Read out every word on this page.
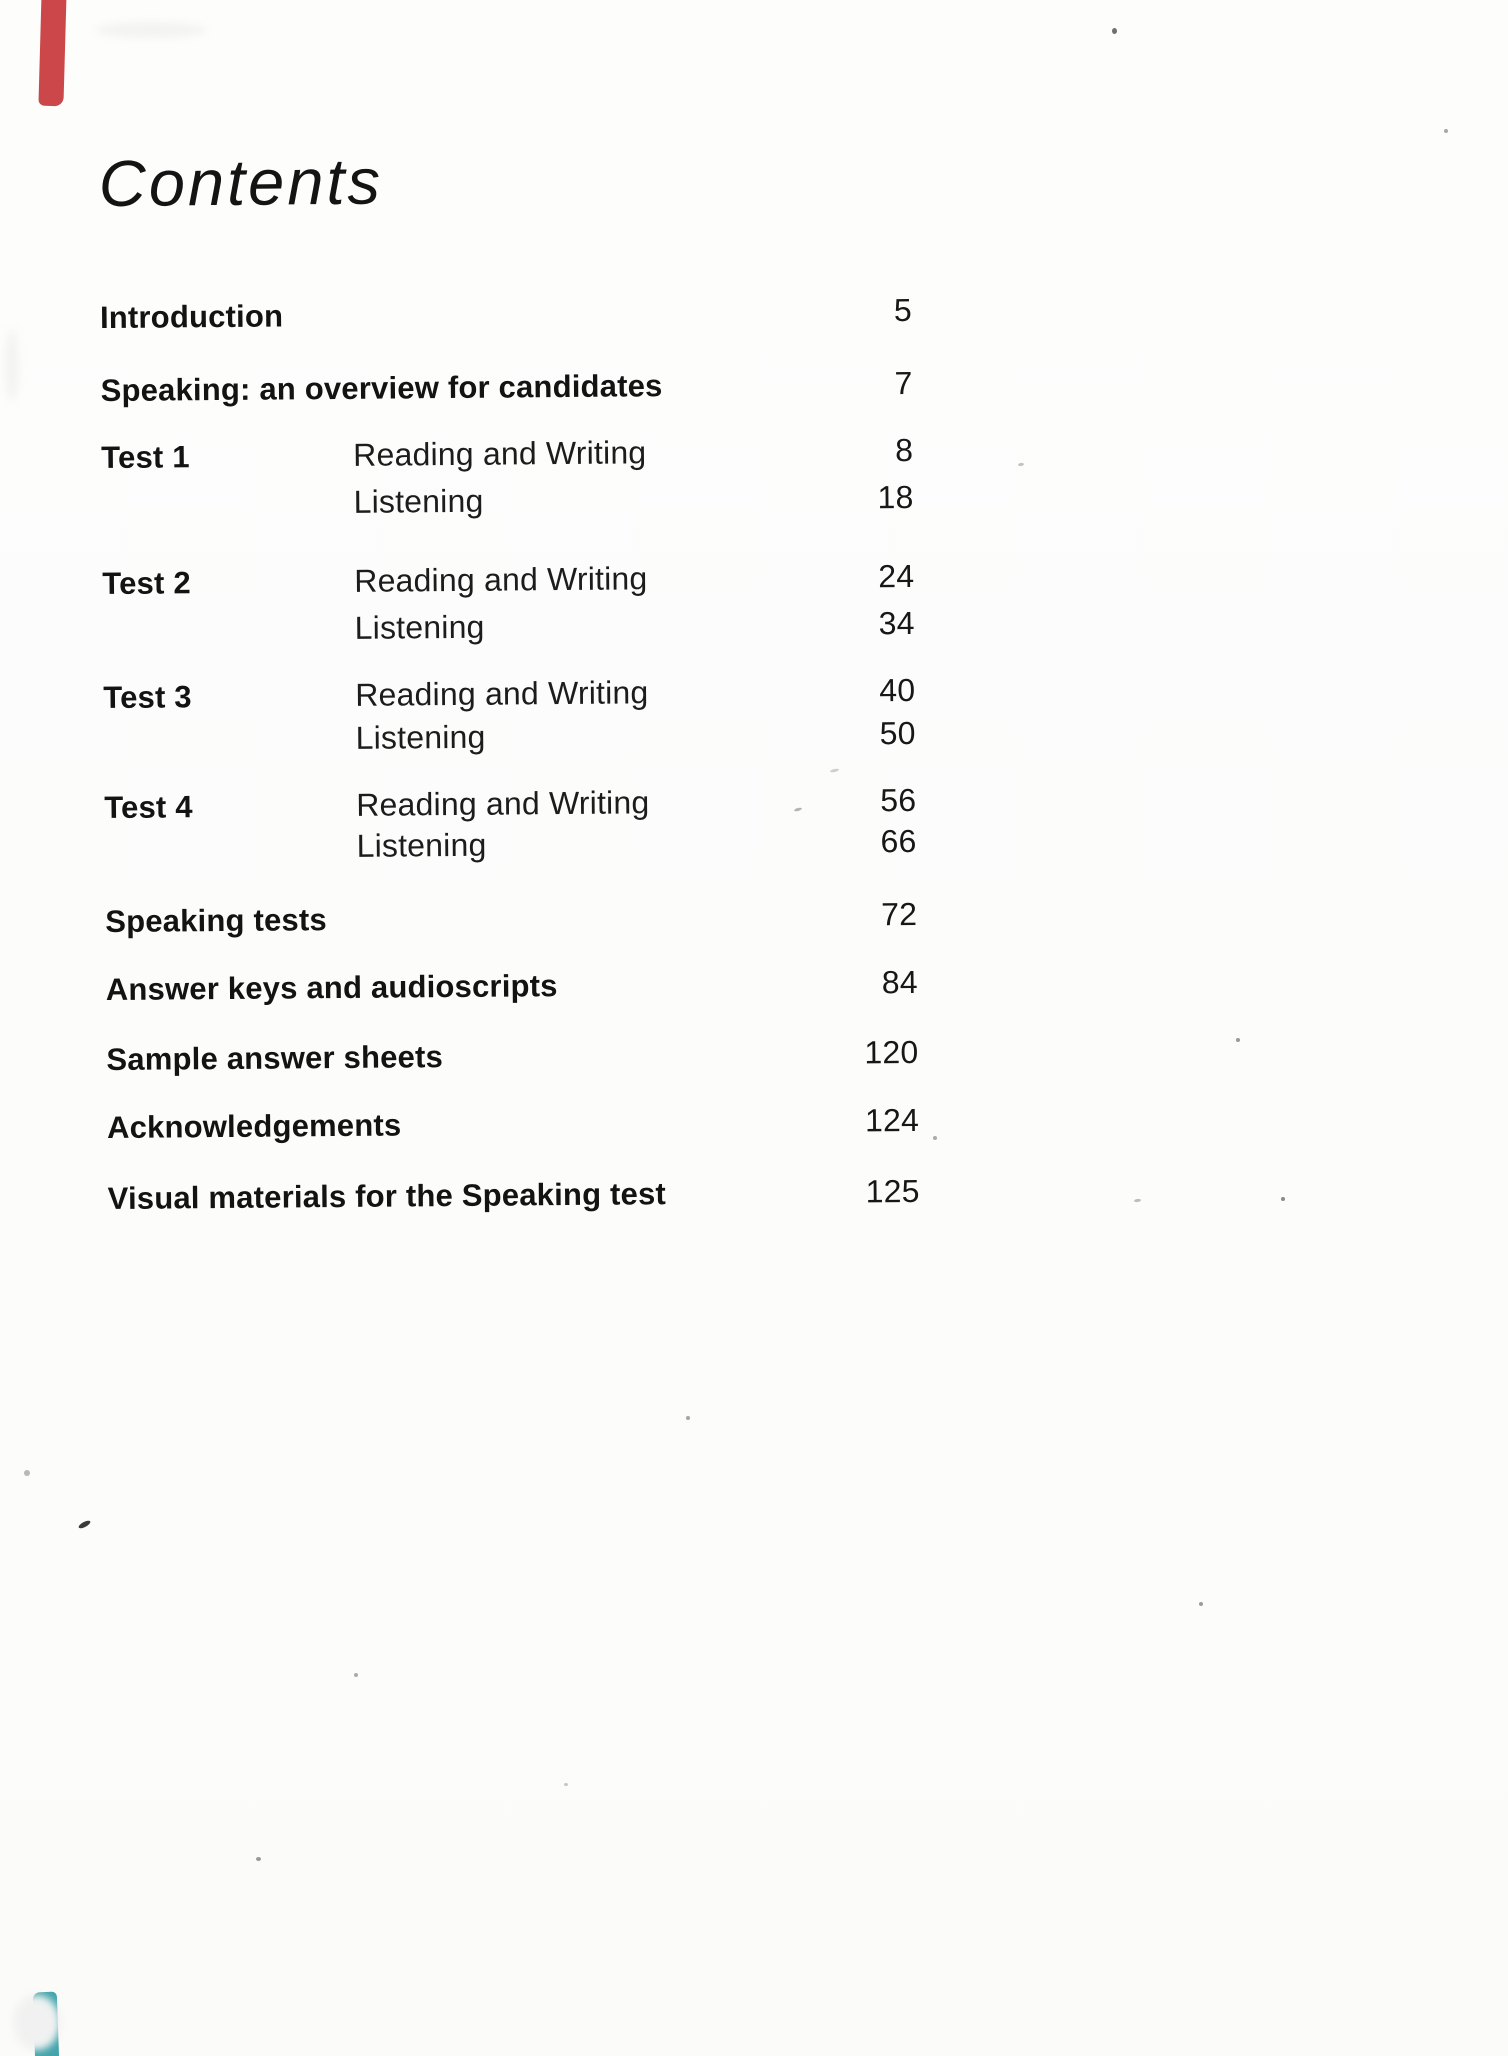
Contents
Introduction	5
Speaking: an overview for candidates	7
Test 1	Reading and Writing	8
Listening	18
Test 2	Reading and Writing	24
Listening	34
Test 3	Reading and Writing	40
Listening	50
Test 4	Reading and Writing	56
Listening	66
Speaking tests	72
Answer keys and audioscripts	84
Sample answer sheets	120
Acknowledgements	124
Visual materials for the Speaking test	125
